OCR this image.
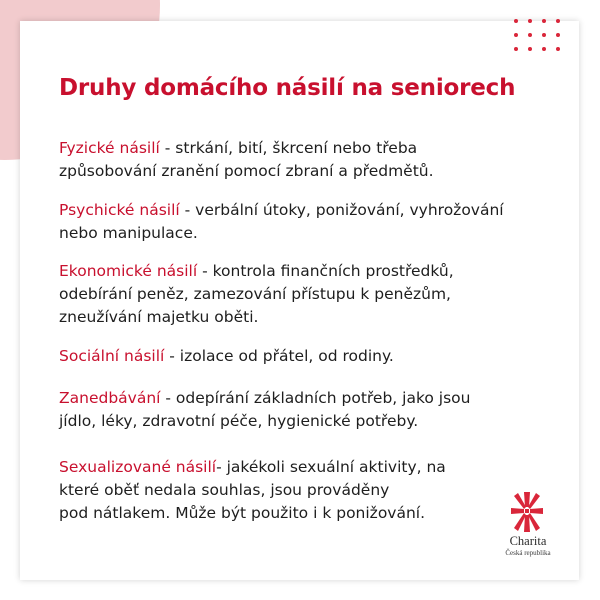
Druhy domácího násilí na seniorech

Fyzické násilí - strkání, bití, škrcení nebo třeba
způsobování zranění pomocí zbraní a předmětů.

Psychické násilí - verbální útoky, ponižování, vyhrožování
nebo manipulace.

Ekonomické násilí - kontrola finančních prostředků,
odebírání peněz, zamezování přístupu k penězům,
zneužívání majetku oběti.

Sociální násilí - izolace od přátel, od rodiny.

Zanedbávání - odepírání základních potřeb, jako jsou
jídlo, léky, zdravotní péče, hygienické potřeby.

Sexualizované násilí- jakékoli sexuální aktivity, na
které oběť nedala souhlas, jsou prováděny
pod nátlakem. Může být použito i k ponižování.

Charita
Česká republika
